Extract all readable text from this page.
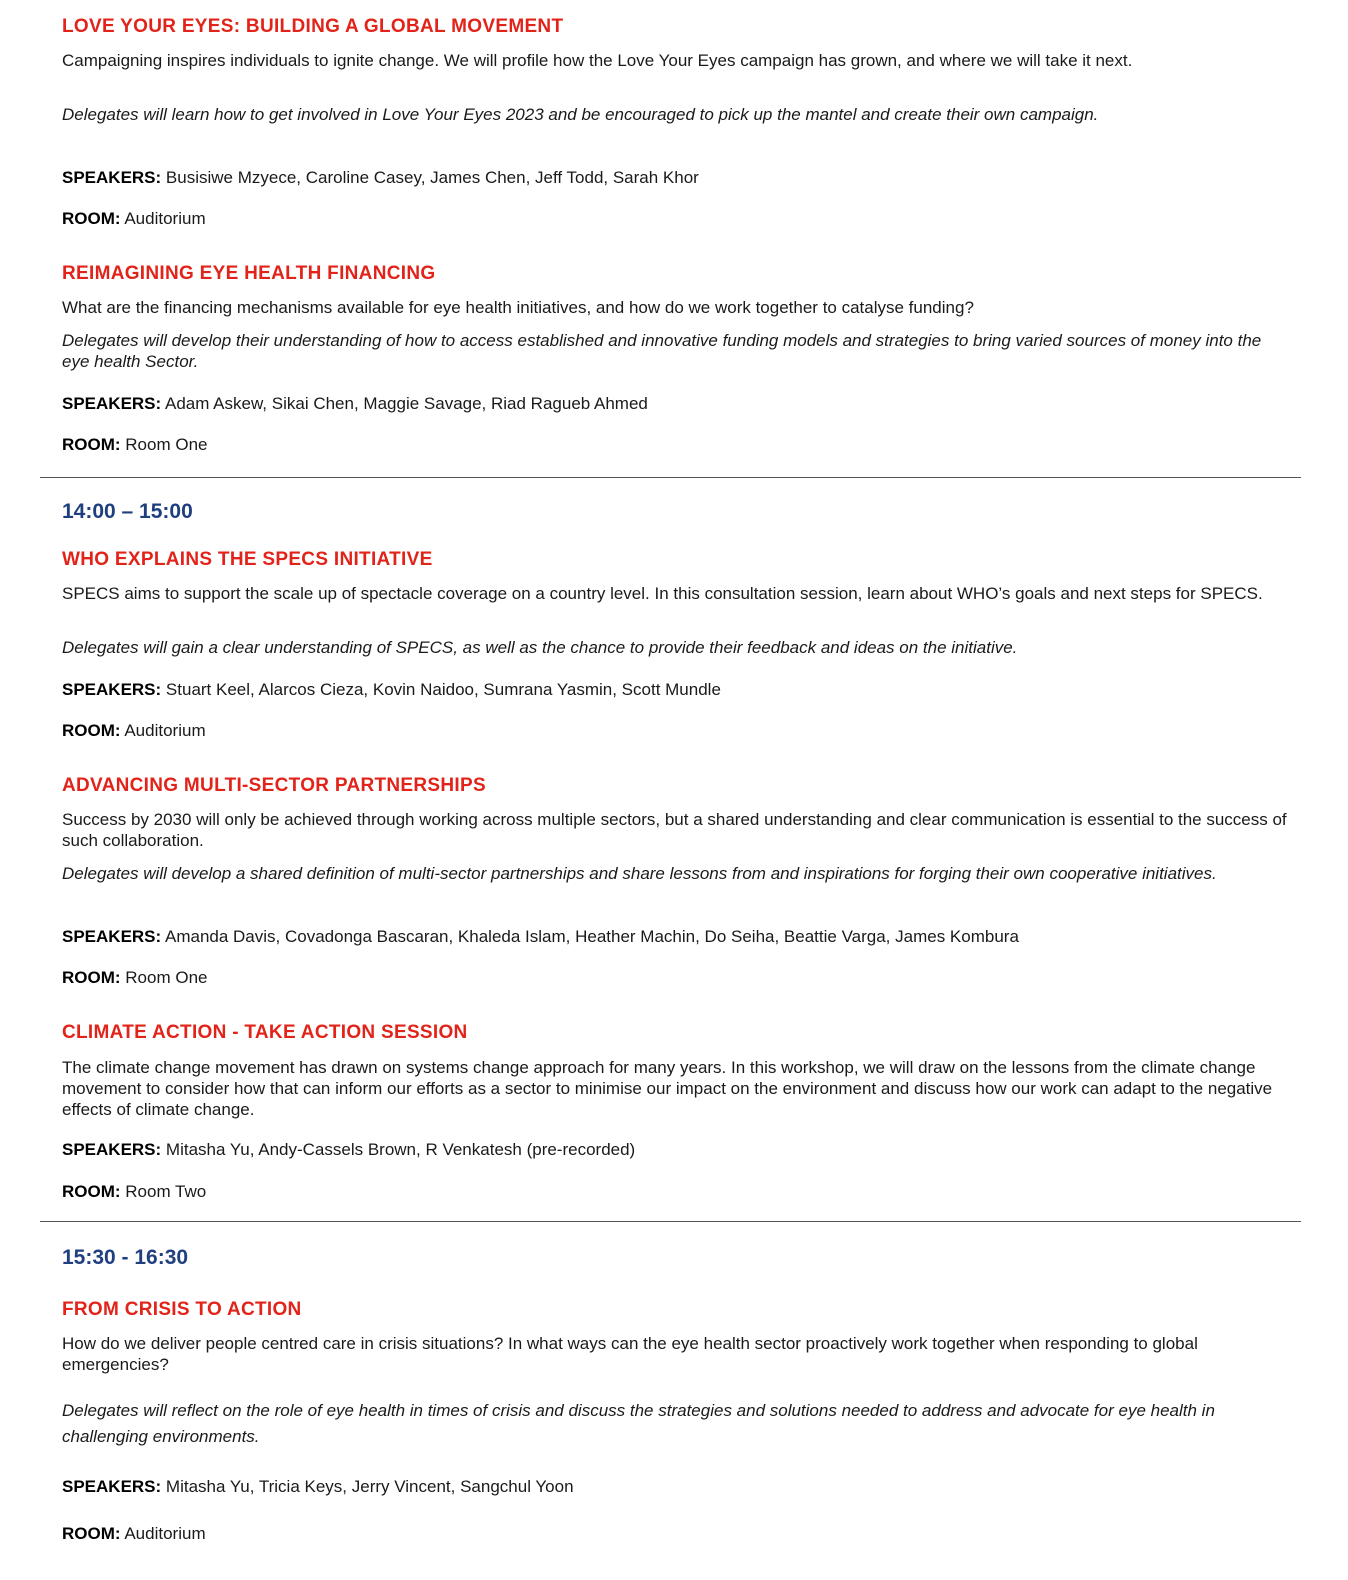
LOVE YOUR EYES: BUILDING A GLOBAL MOVEMENT
Campaigning inspires individuals to ignite change. We will profile how the Love Your Eyes campaign has grown, and where we will take it next.
Delegates will learn how to get involved in Love Your Eyes 2023 and be encouraged to pick up the mantel and create their own campaign.
SPEAKERS: Busisiwe Mzyece, Caroline Casey, James Chen, Jeff Todd, Sarah Khor
ROOM: Auditorium
REIMAGINING EYE HEALTH FINANCING
What are the financing mechanisms available for eye health initiatives, and how do we work together to catalyse funding?
Delegates will develop their understanding of how to access established and innovative funding models and strategies to bring varied sources of money into the eye health Sector.
SPEAKERS: Adam Askew, Sikai Chen, Maggie Savage, Riad Ragueb Ahmed
ROOM: Room One
14:00 – 15:00
WHO EXPLAINS THE SPECS INITIATIVE
SPECS aims to support the scale up of spectacle coverage on a country level. In this consultation session, learn about WHO’s goals and next steps for SPECS.
Delegates will gain a clear understanding of SPECS, as well as the chance to provide their feedback and ideas on the initiative.
SPEAKERS: Stuart Keel, Alarcos Cieza, Kovin Naidoo, Sumrana Yasmin, Scott Mundle
ROOM: Auditorium
ADVANCING MULTI-SECTOR PARTNERSHIPS
Success by 2030 will only be achieved through working across multiple sectors, but a shared understanding and clear communication is essential to the success of such collaboration.
Delegates will develop a shared definition of multi-sector partnerships and share lessons from and inspirations for forging their own cooperative initiatives.
SPEAKERS: Amanda Davis, Covadonga Bascaran, Khaleda Islam, Heather Machin, Do Seiha, Beattie Varga, James Kombura
ROOM: Room One
CLIMATE ACTION - TAKE ACTION SESSION
The climate change movement has drawn on systems change approach for many years. In this workshop, we will draw on the lessons from the climate change movement to consider how that can inform our efforts as a sector to minimise our impact on the environment and discuss how our work can adapt to the negative effects of climate change.
SPEAKERS: Mitasha Yu, Andy-Cassels Brown, R Venkatesh (pre-recorded)
ROOM: Room Two
15:30 - 16:30
FROM CRISIS TO ACTION
How do we deliver people centred care in crisis situations? In what ways can the eye health sector proactively work together when responding to global emergencies?
Delegates will reflect on the role of eye health in times of crisis and discuss the strategies and solutions needed to address and advocate for eye health in challenging environments.
SPEAKERS: Mitasha Yu, Tricia Keys, Jerry Vincent, Sangchul Yoon
ROOM: Auditorium
